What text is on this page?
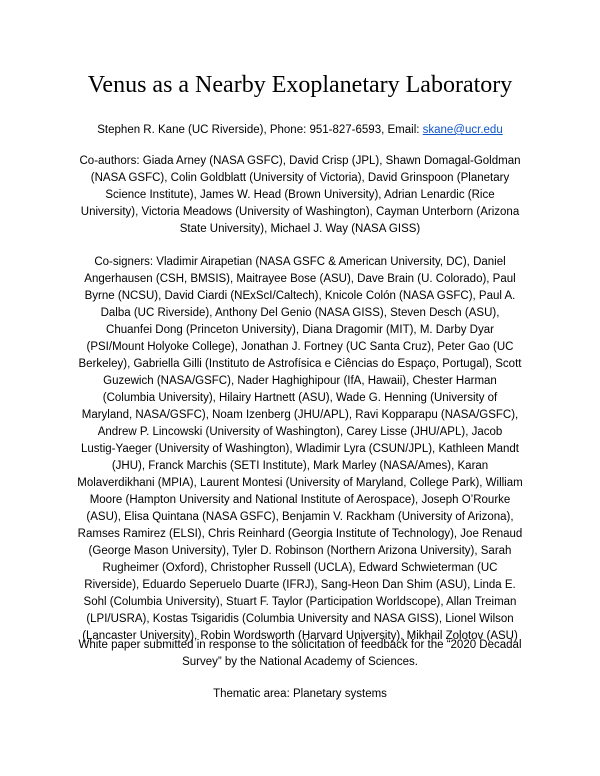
Venus as a Nearby Exoplanetary Laboratory
Stephen R. Kane (UC Riverside), Phone: 951-827-6593, Email: skane@ucr.edu
Co-authors: Giada Arney (NASA GSFC), David Crisp (JPL), Shawn Domagal-Goldman
(NASA GSFC), Colin Goldblatt (University of Victoria), David Grinspoon (Planetary
Science Institute), James W. Head (Brown University), Adrian Lenardic (Rice
University), Victoria Meadows (University of Washington), Cayman Unterborn (Arizona
State University), Michael J. Way (NASA GISS)
Co-signers: Vladimir Airapetian (NASA GSFC & American University, DC), Daniel
Angerhausen (CSH, BMSIS), Maitrayee Bose (ASU), Dave Brain (U. Colorado), Paul
Byrne (NCSU), David Ciardi (NExScI/Caltech), Knicole Colón (NASA GSFC), Paul A.
Dalba (UC Riverside), Anthony Del Genio (NASA GISS), Steven Desch (ASU),
Chuanfei Dong (Princeton University), Diana Dragomir (MIT), M. Darby Dyar
(PSI/Mount Holyoke College), Jonathan J. Fortney (UC Santa Cruz), Peter Gao (UC
Berkeley), Gabriella Gilli (Instituto de Astrofísica e Ciências do Espaço, Portugal), Scott
Guzewich (NASA/GSFC), Nader Haghighipour (IfA, Hawaii), Chester Harman
(Columbia University), Hilairy Hartnett (ASU), Wade G. Henning (University of
Maryland, NASA/GSFC), Noam Izenberg (JHU/APL), Ravi Kopparapu (NASA/GSFC),
Andrew P. Lincowski (University of Washington), Carey Lisse (JHU/APL), Jacob
Lustig-Yaeger (University of Washington), Wladimir Lyra (CSUN/JPL), Kathleen Mandt
(JHU), Franck Marchis (SETI Institute), Mark Marley (NASA/Ames), Karan
Molaverdikhani (MPIA), Laurent Montesi (University of Maryland, College Park), William
Moore (Hampton University and National Institute of Aerospace), Joseph O’Rourke
(ASU), Elisa Quintana (NASA GSFC), Benjamin V. Rackham (University of Arizona),
Ramses Ramirez (ELSI), Chris Reinhard (Georgia Institute of Technology), Joe Renaud
(George Mason University), Tyler D. Robinson (Northern Arizona University), Sarah
Rugheimer (Oxford), Christopher Russell (UCLA), Edward Schwieterman (UC
Riverside), Eduardo Seperuelo Duarte (IFRJ), Sang-Heon Dan Shim (ASU), Linda E.
Sohl (Columbia University), Stuart F. Taylor (Participation Worldscope), Allan Treiman
(LPI/USRA), Kostas Tsigaridis (Columbia University and NASA GISS), Lionel Wilson
(Lancaster University), Robin Wordsworth (Harvard University), Mikhail Zolotov (ASU)
White paper submitted in response to the solicitation of feedback for the “2020 Decadal
Survey” by the National Academy of Sciences.
Thematic area: Planetary systems
